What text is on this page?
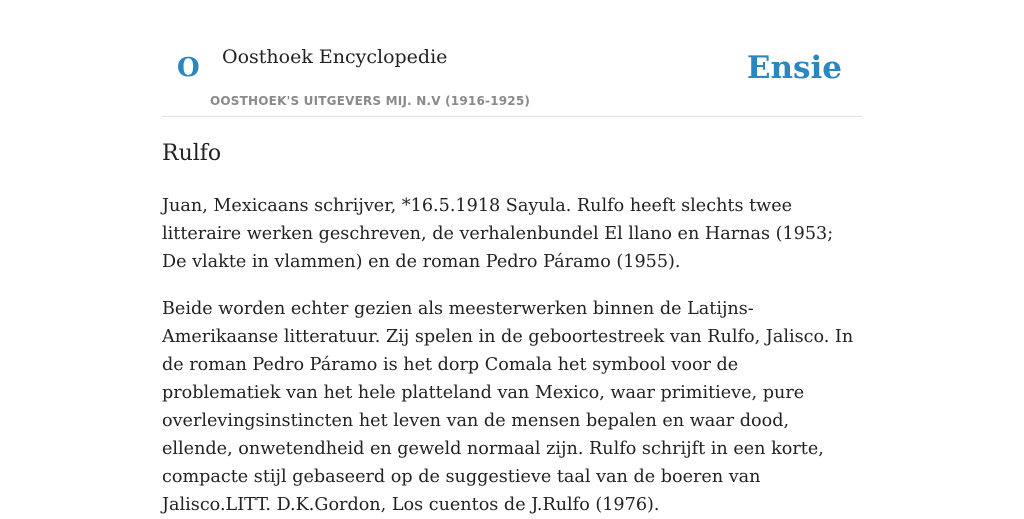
O Oosthoek Encyclopedie
OOSTHOEK'S UITGEVERS MIJ. N.V (1916-1925)
Ensie
Rulfo

Juan, Mexicaans schrijver, *16.5.1918 Sayula. Rulfo heeft slechts twee litteraire werken geschreven, de verhalenbundel El llano en Harnas (1953; De vlakte in vlammen) en de roman Pedro Páramo (1955).

Beide worden echter gezien als meesterwerken binnen de Latijns-Amerikaanse litteratuur. Zij spelen in de geboortestreek van Rulfo, Jalisco. In de roman Pedro Páramo is het dorp Comala het symbool voor de problematiek van het hele platteland van Mexico, waar primitieve, pure overlevingsinstincten het leven van de mensen bepalen en waar dood, ellende, onwetendheid en geweld normaal zijn. Rulfo schrijft in een korte, compacte stijl gebaseerd op de suggestieve taal van de boeren van Jalisco.LITT. D.K.Gordon, Los cuentos de J.Rulfo (1976).
